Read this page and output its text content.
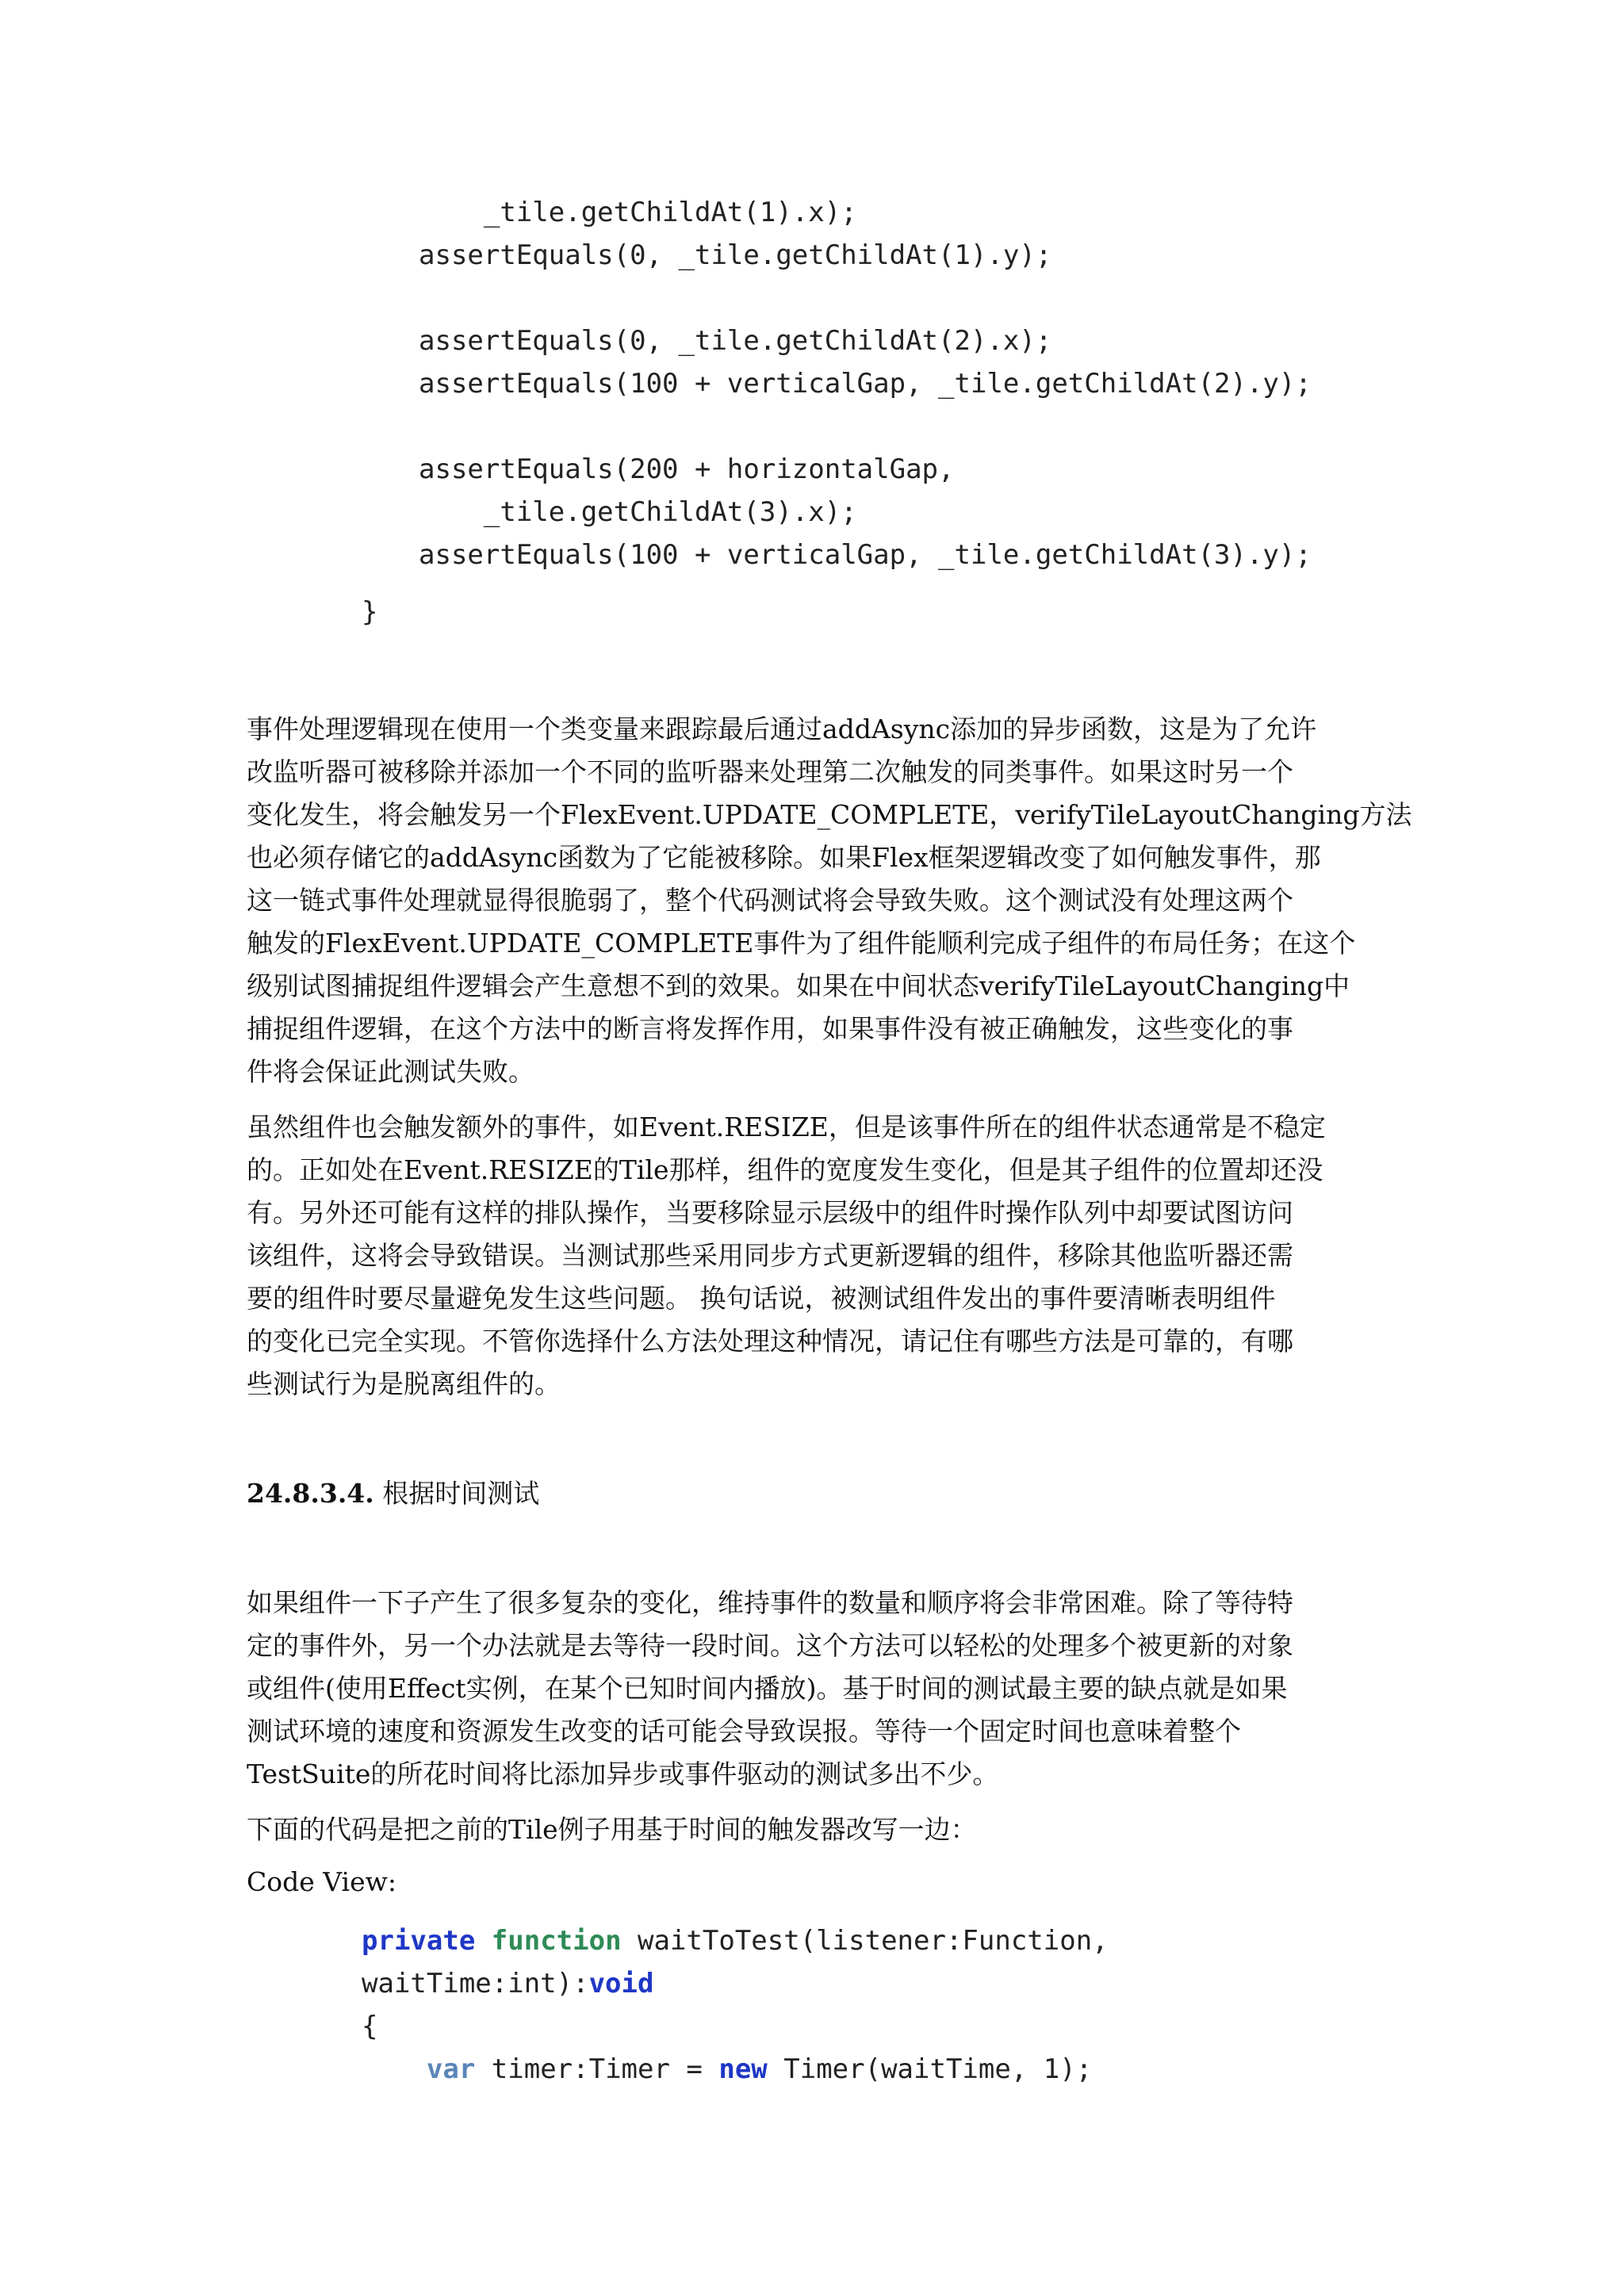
_tile.getChildAt(1).x);
assertEquals(0, _tile.getChildAt(1).y);
assertEquals(0, _tile.getChildAt(2).x);
assertEquals(100 + verticalGap, _tile.getChildAt(2).y);
assertEquals(200 + horizontalGap,
_tile.getChildAt(3).x);
assertEquals(100 + verticalGap, _tile.getChildAt(3).y);
}
事件处理逻辑现在使用一个类变量来跟踪最后通过addAsync添加的异步函数，这是为了允许
改监听器可被移除并添加一个不同的监听器来处理第二次触发的同类事件。如果这时另一个
变化发生，将会触发另一个FlexEvent.UPDATE_COMPLETE，verifyTileLayoutChanging方法
也必须存储它的addAsync函数为了它能被移除。如果Flex框架逻辑改变了如何触发事件，那
这一链式事件处理就显得很脆弱了，整个代码测试将会导致失败。这个测试没有处理这两个
触发的FlexEvent.UPDATE_COMPLETE事件为了组件能顺利完成子组件的布局任务；在这个
级别试图捕捉组件逻辑会产生意想不到的效果。如果在中间状态verifyTileLayoutChanging中
捕捉组件逻辑，在这个方法中的断言将发挥作用，如果事件没有被正确触发，这些变化的事
件将会保证此测试失败。
虽然组件也会触发额外的事件，如Event.RESIZE，但是该事件所在的组件状态通常是不稳定
的。正如处在Event.RESIZE的Tile那样，组件的宽度发生变化，但是其子组件的位置却还没
有。另外还可能有这样的排队操作，当要移除显示层级中的组件时操作队列中却要试图访问
该组件，这将会导致错误。当测试那些采用同步方式更新逻辑的组件，移除其他监听器还需
要的组件时要尽量避免发生这些问题。 换句话说，被测试组件发出的事件要清晰表明组件
的变化已完全实现。不管你选择什么方法处理这种情况，请记住有哪些方法是可靠的，有哪
些测试行为是脱离组件的。
24.8.3.4. 根据时间测试
如果组件一下子产生了很多复杂的变化，维持事件的数量和顺序将会非常困难。除了等待特
定的事件外，另一个办法就是去等待一段时间。这个方法可以轻松的处理多个被更新的对象
或组件(使用Effect实例，在某个已知时间内播放)。基于时间的测试最主要的缺点就是如果
测试环境的速度和资源发生改变的话可能会导致误报。等待一个固定时间也意味着整个
TestSuite的所花时间将比添加异步或事件驱动的测试多出不少。
下面的代码是把之前的Tile例子用基于时间的触发器改写一边：
Code View:
private function waitToTest(listener:Function,
waitTime:int):void
{
var timer:Timer = new Timer(waitTime, 1);
